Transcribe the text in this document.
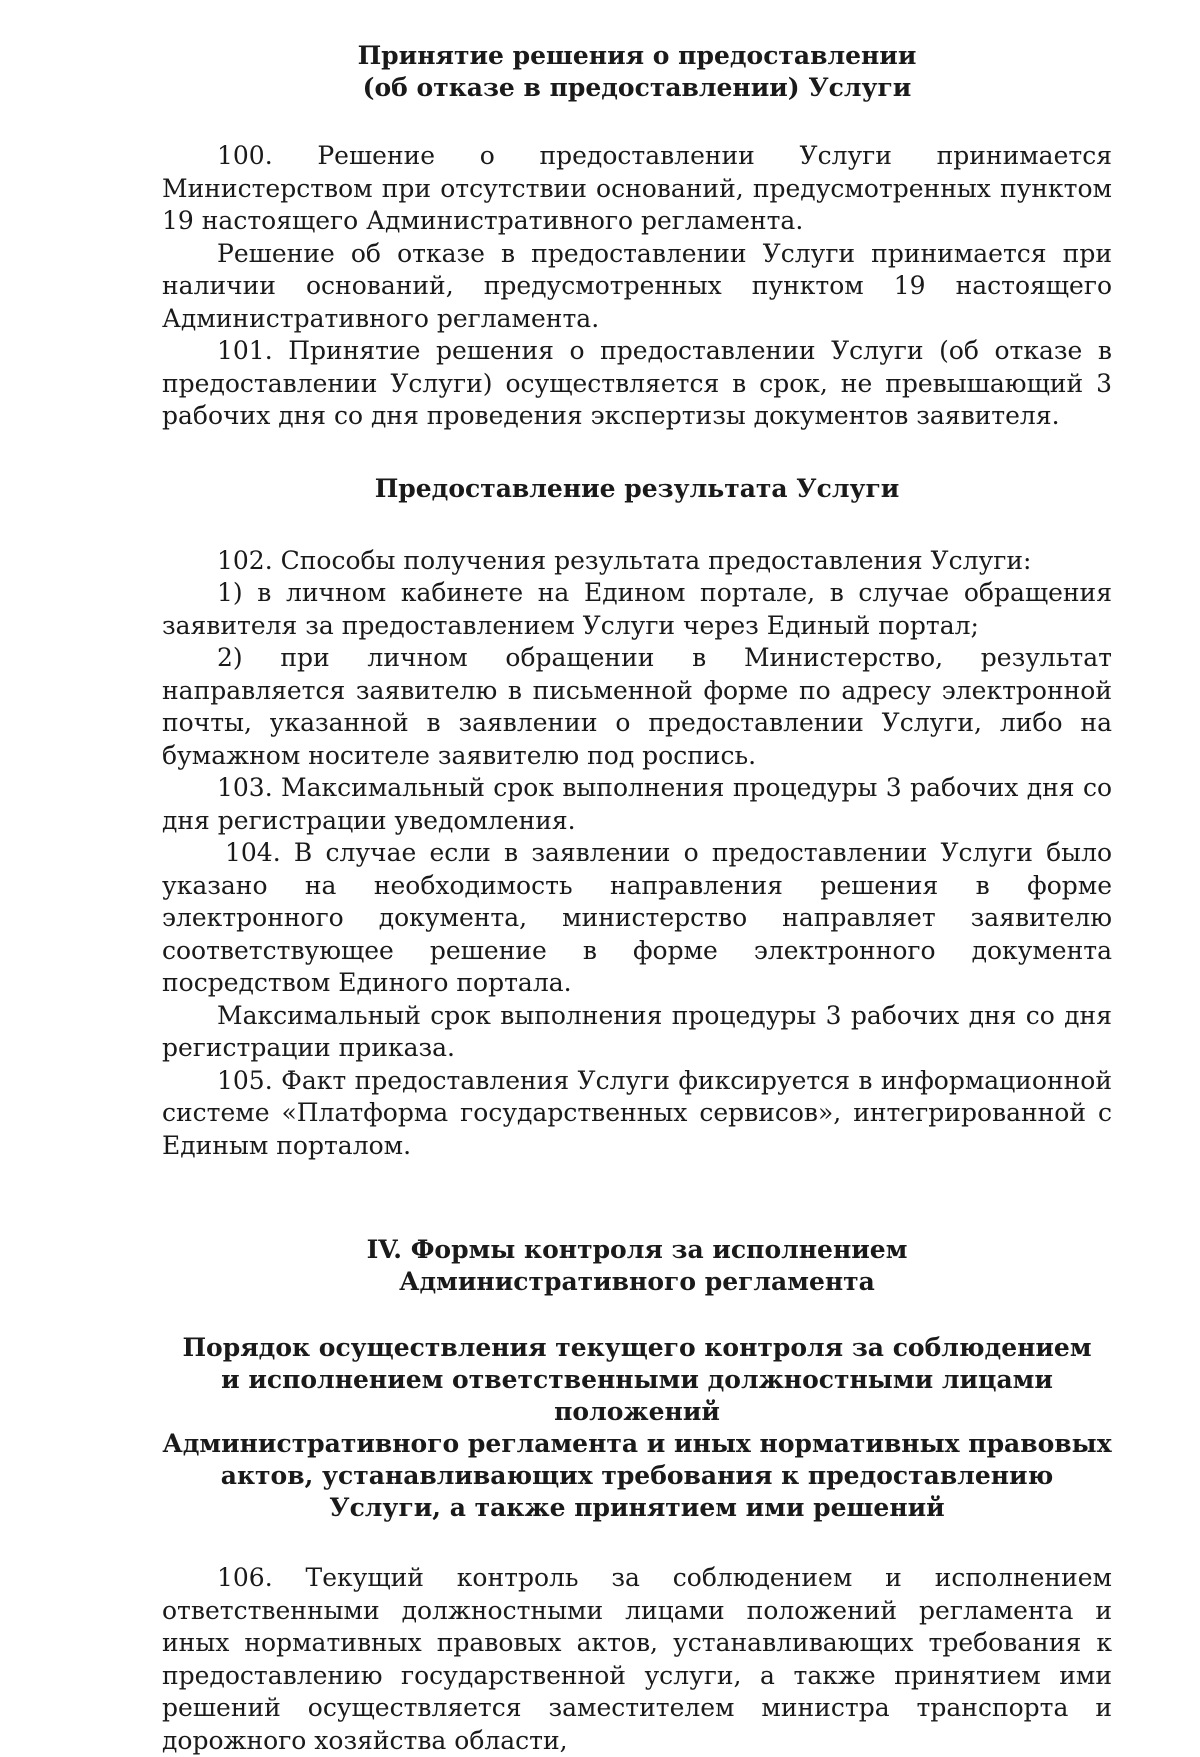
Принятие решения о предоставлении
(об отказе в предоставлении) Услуги

100. Решение о предоставлении Услуги принимается Министерством при отсутствии оснований, предусмотренных пунктом 19 настоящего Административного регламента.

Решение об отказе в предоставлении Услуги принимается при наличии оснований, предусмотренных пунктом 19 настоящего Административного регламента.

101. Принятие решения о предоставлении Услуги (об отказе в предоставлении Услуги) осуществляется в срок, не превышающий 3 рабочих дня со дня проведения экспертизы документов заявителя.

Предоставление результата Услуги

102. Способы получения результата предоставления Услуги:

1) в личном кабинете на Едином портале, в случае обращения заявителя за предоставлением Услуги через Единый портал;

2) при личном обращении в Министерство, результат направляется заявителю в письменной форме по адресу электронной почты, указанной в заявлении о предоставлении Услуги, либо на бумажном носителе заявителю под роспись.

103. Максимальный срок выполнения процедуры 3 рабочих дня со дня регистрации уведомления.

104. В случае если в заявлении о предоставлении Услуги было указано на необходимость направления решения в форме электронного документа, министерство направляет заявителю соответствующее решение в форме электронного документа посредством Единого портала.

Максимальный срок выполнения процедуры 3 рабочих дня со дня регистрации приказа.

105. Факт предоставления Услуги фиксируется в информационной системе «Платформа государственных сервисов», интегрированной с Единым порталом.

IV. Формы контроля за исполнением
Административного регламента
Порядок осуществления текущего контроля за соблюдением
и исполнением ответственными должностными лицами положений
Административного регламента и иных нормативных правовых
актов, устанавливающих требования к предоставлению
Услуги, а также принятием ими решений

106. Текущий контроль за соблюдением и исполнением ответственными должностными лицами положений регламента и иных нормативных правовых актов, устанавливающих требования к предоставлению государственной услуги, а также принятием ими решений осуществляется заместителем министра транспорта и дорожного хозяйства области,
